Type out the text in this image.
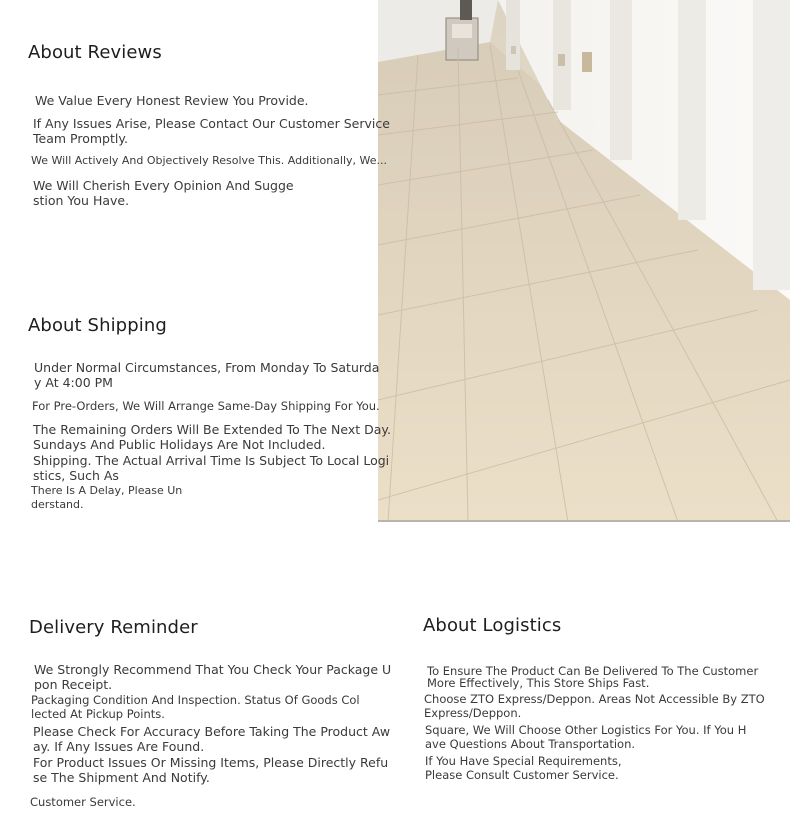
About Reviews

We Value Every Honest Review You Provide.

If Any Issues Arise, Please Contact Our Customer Service
Team Promptly.

We Will Actively And Objectively Resolve This. Additionally, We...

We Will Cherish Every Opinion And Sugge
stion You Have.

About Shipping

Under Normal Circumstances, From Monday To Saturda
y At 4:00 PM

For Pre-Orders, We Will Arrange Same-Day Shipping For You.

The Remaining Orders Will Be Extended To The Next Day.
Sundays And Public Holidays Are Not Included.

Shipping. The Actual Arrival Time Is Subject To Local Logi
stics, Such As

There Is A Delay, Please Un
derstand.

Delivery Reminder

We Strongly Recommend That You Check Your Package U
pon Receipt.

Packaging Condition And Inspection. Status Of Goods Col
lected At Pickup Points.

Please Check For Accuracy Before Taking The Product Aw
ay. If Any Issues Are Found.

For Product Issues Or Missing Items, Please Directly Refu
se The Shipment And Notify.

Customer Service.

About Logistics

To Ensure The Product Can Be Delivered To The Customer
More Effectively, This Store Ships Fast.

Choose ZTO Express/Deppon. Areas Not Accessible By ZTO
Express/Deppon.

Square, We Will Choose Other Logistics For You. If You H
ave Questions About Transportation.

If You Have Special Requirements,
Please Consult Customer Service.
